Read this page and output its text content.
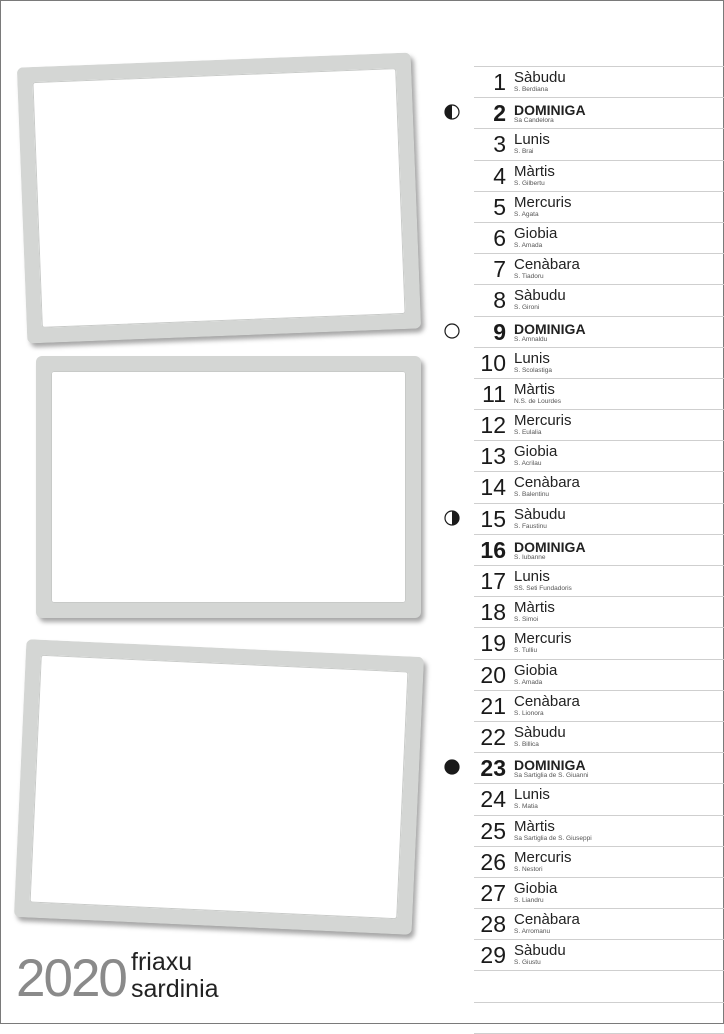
1 Sàbudu
S. Berdiana
2 DOMINIGA
Sa Candelora
3 Lunis
S. Brai
4 Màrtis
S. Gilbertu
5 Mercuris
S. Agata
6 Giobia
S. Amada
7 Cenàbara
S. Tiadoru
8 Sàbudu
S. Gironi
9 DOMINIGA
S. Amnaldu
10 Lunis
S. Scolastiga
11 Màrtis
N.S. de Lourdes
12 Mercuris
S. Eulalia
13 Giobia
S. Acrilau
14 Cenàbara
S. Balentinu
15 Sàbudu
S. Faustinu
16 DOMINIGA
S. Iubanne
17 Lunis
SS. Seti Fundadoris
18 Màrtis
S. Simoi
19 Mercuris
S. Tulliu
20 Giobia
S. Amada
21 Cenàbara
S. Lionora
22 Sàbudu
S. Billica
23 DOMINIGA
Sa Sartiglia de S. Giuanni
24 Lunis
S. Matia
25 Màrtis
Sa Sartiglia de S. Giuseppi
26 Mercuris
S. Nestori
27 Giobia
S. Liandru
28 Cenàbara
S. Arromanu
29 Sàbudu
S. Giustu
2020 friaxu
sardinia
